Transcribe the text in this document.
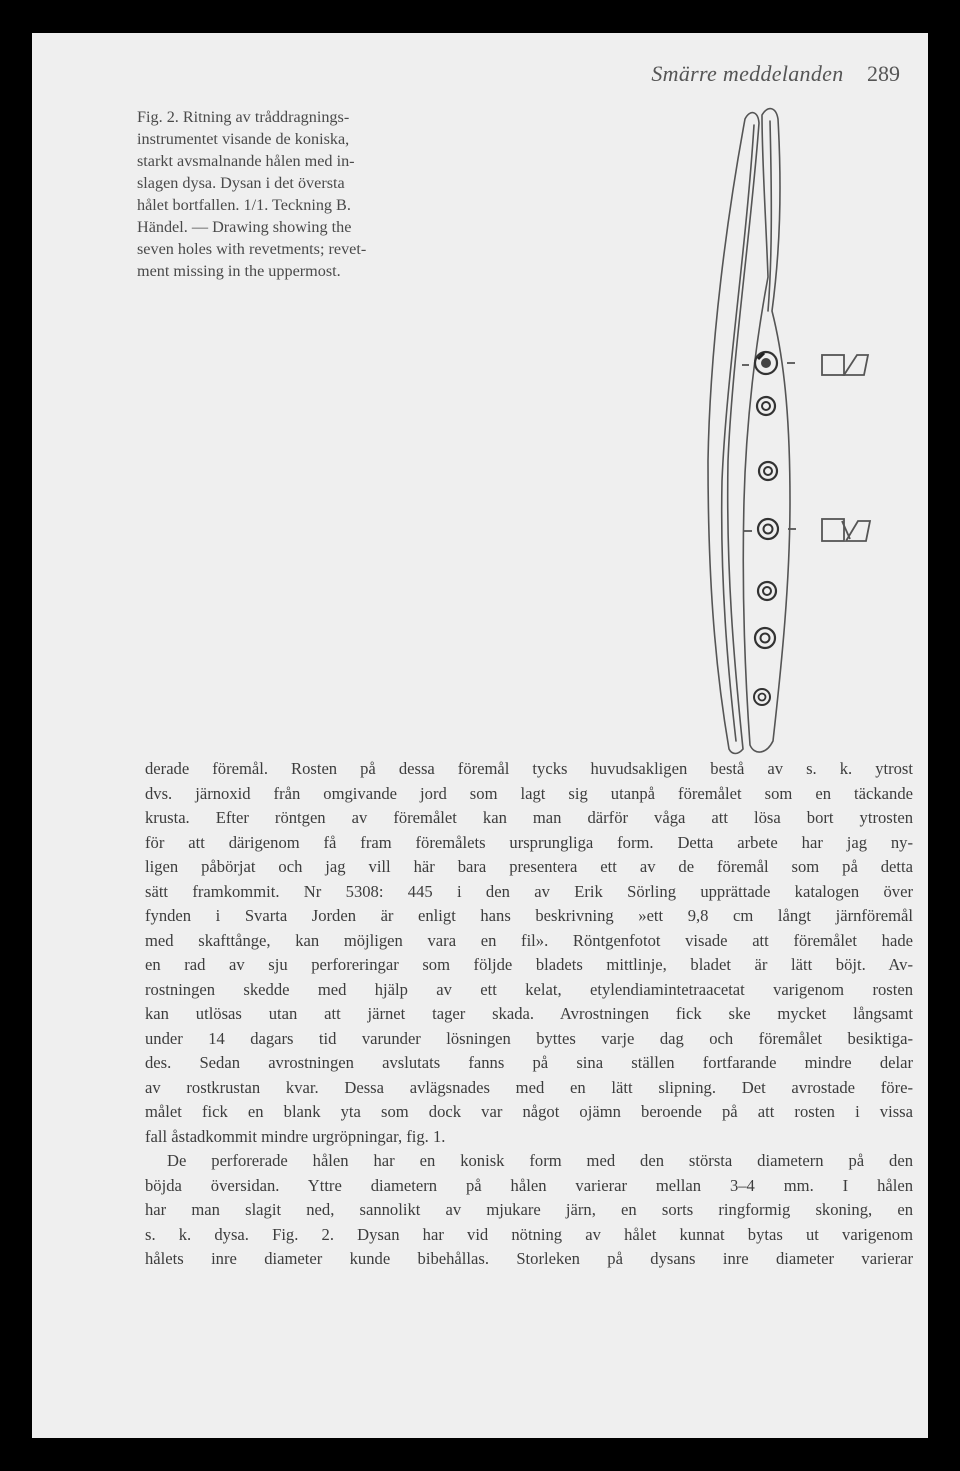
Smärre meddelanden 289
Fig. 2. Ritning av tråddragnings-
instrumentet visande de koniska,
starkt avsmalnande hålen med in-
slagen dysa. Dysan i det översta
hålet bortfallen. 1/1. Teckning B.
Händel. — Drawing showing the
seven holes with revetments; revet-
ment missing in the uppermost.
derade föremål. Rosten på dessa föremål tycks huvudsakligen bestå av s. k. ytrost
dvs. järnoxid från omgivande jord som lagt sig utanpå föremålet som en täckande
krusta. Efter röntgen av föremålet kan man därför våga att lösa bort ytrosten
för att därigenom få fram föremålets ursprungliga form. Detta arbete har jag ny-
ligen påbörjat och jag vill här bara presentera ett av de föremål som på detta
sätt framkommit. Nr 5308: 445 i den av Erik Sörling upprättade katalogen över
fynden i Svarta Jorden är enligt hans beskrivning »ett 9,8 cm långt järnföremål
med skafttånge, kan möjligen vara en fil». Röntgenfotot visade att föremålet hade
en rad av sju perforeringar som följde bladets mittlinje, bladet är lätt böjt. Av-
rostningen skedde med hjälp av ett kelat, etylendiamintetraacetat varigenom rosten
kan utlösas utan att järnet tager skada. Avrostningen fick ske mycket långsamt
under 14 dagars tid varunder lösningen byttes varje dag och föremålet besiktiga-
des. Sedan avrostningen avslutats fanns på sina ställen fortfarande mindre delar
av rostkrustan kvar. Dessa avlägsnades med en lätt slipning. Det avrostade före-
målet fick en blank yta som dock var något ojämn beroende på att rosten i vissa
fall åstadkommit mindre urgröpningar, fig. 1.
De perforerade hålen har en konisk form med den största diametern på den
böjda översidan. Yttre diametern på hålen varierar mellan 3–4 mm. I hålen
har man slagit ned, sannolikt av mjukare järn, en sorts ringformig skoning, en
s. k. dysa. Fig. 2. Dysan har vid nötning av hålet kunnat bytas ut varigenom
hålets inre diameter kunde bibehållas. Storleken på dysans inre diameter varierar
